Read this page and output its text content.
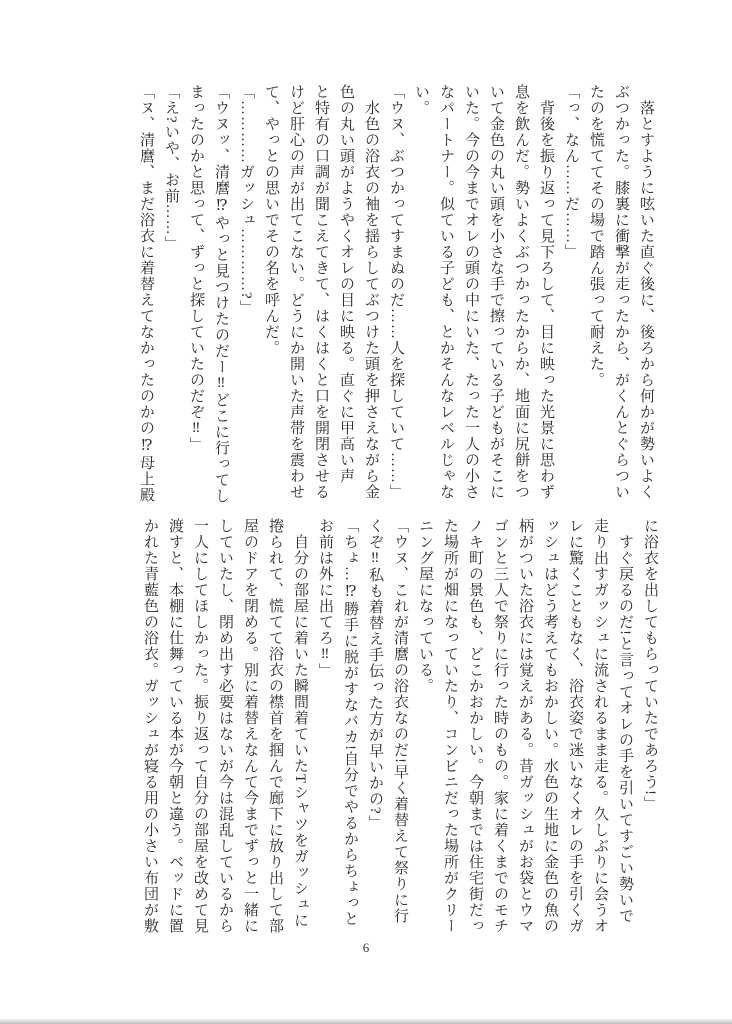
　落とすように呟いた直ぐ後に、後ろから何かが勢いよく

ぶつかった。膝裏に衝撃が走ったから、がくんとぐらつい

たのを慌ててその場で踏ん張って耐えた。

「っ、なん……だ……」

　背後を振り返って見下ろして、目に映った光景に思わず

息を飲んだ。勢いよくぶつかったからか、地面に尻餅をつ

いて金色の丸い頭を小さな手で擦っている子どもがそこに

いた。今の今までオレの頭の中にいた、たった一人の小さ

なパートナー。似ている子ども、とかそんなレベルじゃな

い。

「ウヌ、ぶつかってすまぬのだ……人を探していて……」

　水色の浴衣の袖を揺らしてぶつけた頭を押さえながら金

色の丸い頭がようやくオレの目に映る。直ぐに甲高い声

と特有の口調が聞こえてきて、はくはくと口を開閉させる

けど肝心の声が出てこない。どうにか開いた声帯を震わせ

て、やっとの思いでその名を呼んだ。

「…………ガッシュ…………?」

「ウヌッ、清麿⁉やっと見つけたのだー‼どこに行ってし

まったのかと思って、ずっと探していたのだぞ‼」

「え?いや、お前……」

「ヌ、清麿、まだ浴衣に着替えてなかったのかの⁉母上殿

に浴衣を出してもらっていたであろう!」

　すぐ戻るのだ!と言ってオレの手を引いてすごい勢いで

走り出すガッシュに流されるまま走る。久しぶりに会うオ

レに驚くこともなく、浴衣姿で迷いなくオレの手を引くガ

ッシュはどう考えてもおかしい。水色の生地に金色の魚の

柄がついた浴衣には覚えがある。昔ガッシュがお袋とウマ

ゴンと三人で祭りに行った時のもの。家に着くまでのモチ

ノキ町の景色も、どこかおかしい。今朝までは住宅街だっ

た場所が畑になっていたり、コンビニだった場所がクリー

ニング屋になっている。

「ウヌ、これが清麿の浴衣なのだ!早く着替えて祭りに行

くぞ‼私も着替え手伝った方が早いかの?」

「ちょ…⁉勝手に脱がすなバカ!自分でやるからちょっと

お前は外に出てろ‼」

　自分の部屋に着いた瞬間着ていたTシャツをガッシュに

捲られて、慌てて浴衣の襟首を掴んで廊下に放り出して部

屋のドアを閉める。別に着替えなんて今までずっと一緒に

していたし、閉め出す必要はないが今は混乱しているから

一人にしてほしかった。振り返って自分の部屋を改めて見

渡すと、本棚に仕舞っている本が今朝と違う。ベッドに置

かれた青藍色の浴衣。ガッシュが寝る用の小さい布団が敷

6
